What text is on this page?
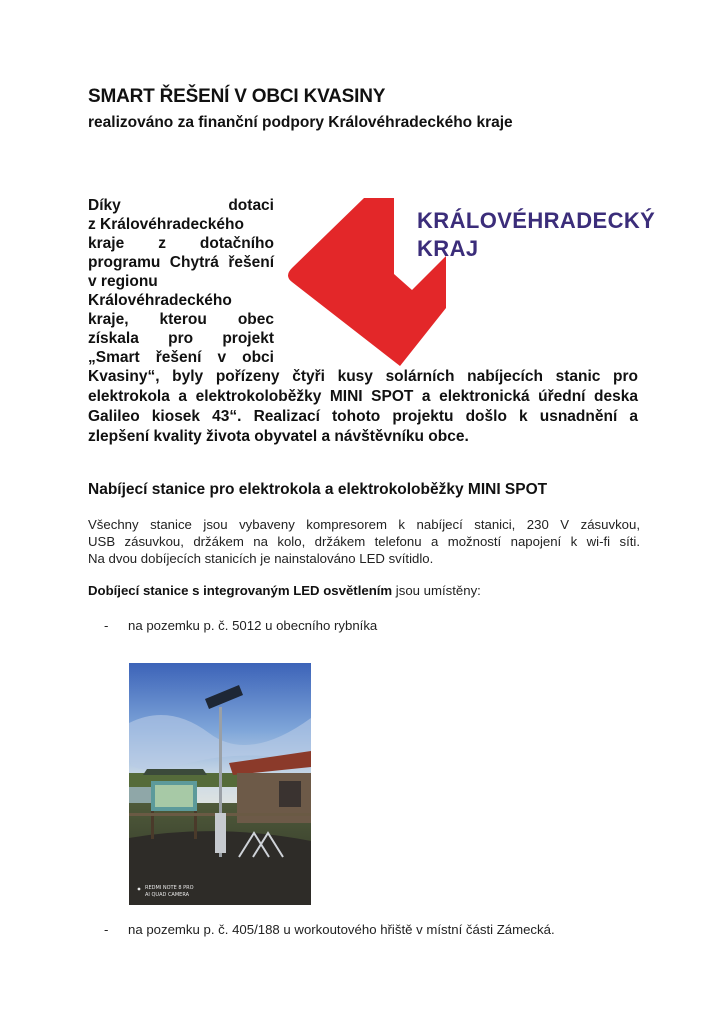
SMART ŘEŠENÍ V OBCI KVASINY
realizováno za finanční podpory Královéhradeckého kraje
KRÁLOVÉHRADECKÝ
KRAJ
Díky dotaci
z Královéhradeckého
kraje z dotačního
programu Chytrá řešení
v regionu
Královéhradeckého
kraje, kterou obec
získala pro projekt
„Smart řešení v obci
Kvasiny“, byly pořízeny čtyři kusy solárních nabíjecích stanic pro
elektrokola a elektrokoloběžky MINI SPOT a elektronická úřední deska
Galileo kiosek 43“. Realizací tohoto projektu došlo k usnadnění a
zlepšení kvality života obyvatel a návštěvníku obce.
Nabíjecí stanice pro elektrokola a elektrokoloběžky MINI SPOT
Všechny stanice jsou vybaveny kompresorem k nabíjecí stanici, 230 V zásuvkou,
USB zásuvkou, držákem na kolo, držákem telefonu a možností napojení k wi-fi síti.
Na dvou dobíjecích stanicích je nainstalováno LED svítidlo.
Dobíjecí stanice s integrovaným LED osvětlením jsou umístěny:
- na pozemku p. č. 5012 u obecního rybníka
REDMI NOTE 8 PRO
AI QUAD CAMERA
- na pozemku p. č. 405/188 u workoutového hřiště v místní části Zámecká.
